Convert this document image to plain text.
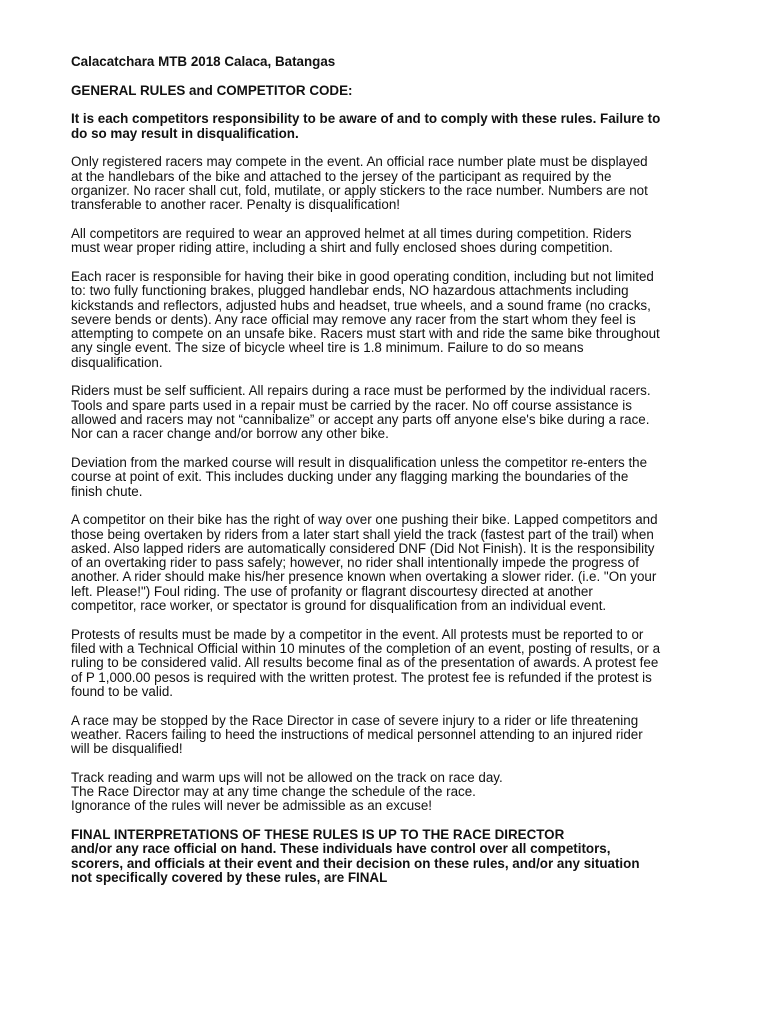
Calacatchara MTB 2018 Calaca, Batangas

GENERAL RULES and COMPETITOR CODE:

It is each competitors responsibility to be aware of and to comply with these rules. Failure to do so may result in disqualification.

Only registered racers may compete in the event. An official race number plate must be displayed at the handlebars of the bike and attached to the jersey of the participant as required by the organizer. No racer shall cut, fold, mutilate, or apply stickers to the race number. Numbers are not transferable to another racer. Penalty is disqualification!

All competitors are required to wear an approved helmet at all times during competition. Riders must wear proper riding attire, including a shirt and fully enclosed shoes during competition.

Each racer is responsible for having their bike in good operating condition, including but not limited to: two fully functioning brakes, plugged handlebar ends, NO hazardous attachments including kickstands and reflectors, adjusted hubs and headset, true wheels, and a sound frame (no cracks, severe bends or dents). Any race official may remove any racer from the start whom they feel is attempting to compete on an unsafe bike. Racers must start with and ride the same bike throughout any single event. The size of bicycle wheel tire is 1.8 minimum. Failure to do so means disqualification.

Riders must be self sufficient. All repairs during a race must be performed by the individual racers. Tools and spare parts used in a repair must be carried by the racer. No off course assistance is allowed and racers may not “cannibalize” or accept any parts off anyone else's bike during a race. Nor can a racer change and/or borrow any other bike.

Deviation from the marked course will result in disqualification unless the competitor re-enters the course at point of exit. This includes ducking under any flagging marking the boundaries of the finish chute.

A competitor on their bike has the right of way over one pushing their bike. Lapped competitors and those being overtaken by riders from a later start shall yield the track (fastest part of the trail) when asked. Also lapped riders are automatically considered DNF (Did Not Finish). It is the responsibility of an overtaking rider to pass safely; however, no rider shall intentionally impede the progress of another. A rider should make his/her presence known when overtaking a slower rider. (i.e. "On your left. Please!") Foul riding. The use of profanity or flagrant discourtesy directed at another competitor, race worker, or spectator is ground for disqualification from an individual event.

Protests of results must be made by a competitor in the event. All protests must be reported to or filed with a Technical Official within 10 minutes of the completion of an event, posting of results, or a ruling to be considered valid. All results become final as of the presentation of awards. A protest fee of P 1,000.00 pesos is required with the written protest. The protest fee is refunded if the protest is found to be valid.

A race may be stopped by the Race Director in case of severe injury to a rider or life threatening weather. Racers failing to heed the instructions of medical personnel attending to an injured rider will be disqualified!

Track reading and warm ups will not be allowed on the track on race day.
The Race Director may at any time change the schedule of the race.
Ignorance of the rules will never be admissible as an excuse!

FINAL INTERPRETATIONS OF THESE RULES IS UP TO THE RACE DIRECTOR
and/or any race official on hand. These individuals have control over all competitors, scorers, and officials at their event and their decision on these rules, and/or any situation not specifically covered by these rules, are FINAL
